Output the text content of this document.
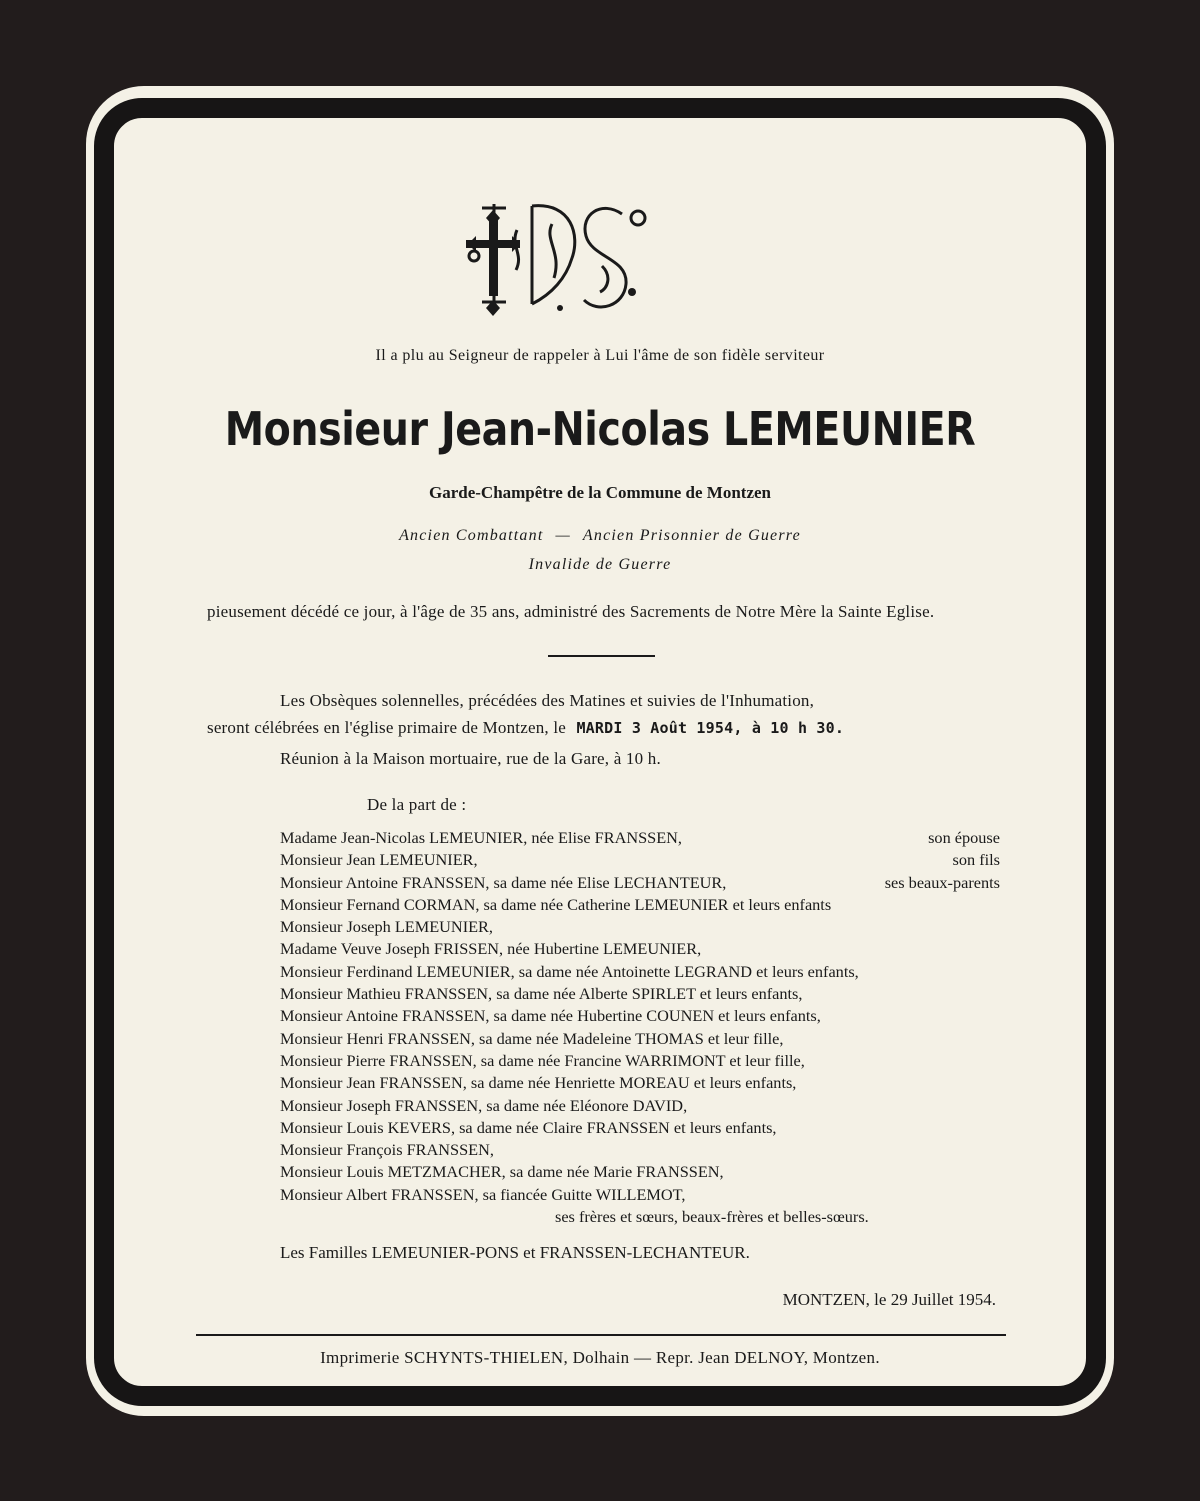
Il a plu au Seigneur de rappeler à Lui l'âme de son fidèle serviteur
Monsieur Jean-Nicolas LEMEUNIER
Garde-Champêtre de la Commune de Montzen
Ancien Combattant — Ancien Prisonnier de Guerre
Invalide de Guerre
pieusement décédé ce jour, à l'âge de 35 ans, administré des Sacrements de Notre Mère la Sainte Eglise.
Les Obsèques solennelles, précédées des Matines et suivies de l'Inhumation,
seront célébrées en l'église primaire de Montzen, le MARDI 3 Août 1954, à 10 h 30.
Réunion à la Maison mortuaire, rue de la Gare, à 10 h.
De la part de :
Madame Jean-Nicolas LEMEUNIER, née Elise FRANSSEN,	son épouse
Monsieur Jean LEMEUNIER,	son fils
Monsieur Antoine FRANSSEN, sa dame née Elise LECHANTEUR,	ses beaux-parents
Monsieur Fernand CORMAN, sa dame née Catherine LEMEUNIER et leurs enfants
Monsieur Joseph LEMEUNIER,
Madame Veuve Joseph FRISSEN, née Hubertine LEMEUNIER,
Monsieur Ferdinand LEMEUNIER, sa dame née Antoinette LEGRAND et leurs enfants,
Monsieur Mathieu FRANSSEN, sa dame née Alberte SPIRLET et leurs enfants,
Monsieur Antoine FRANSSEN, sa dame née Hubertine COUNEN et leurs enfants,
Monsieur Henri FRANSSEN, sa dame née Madeleine THOMAS et leur fille,
Monsieur Pierre FRANSSEN, sa dame née Francine WARRIMONT et leur fille,
Monsieur Jean FRANSSEN, sa dame née Henriette MOREAU et leurs enfants,
Monsieur Joseph FRANSSEN, sa dame née Eléonore DAVID,
Monsieur Louis KEVERS, sa dame née Claire FRANSSEN et leurs enfants,
Monsieur François FRANSSEN,
Monsieur Louis METZMACHER, sa dame née Marie FRANSSEN,
Monsieur Albert FRANSSEN, sa fiancée Guitte WILLEMOT,
ses frères et sœurs, beaux-frères et belles-sœurs.
Les Familles LEMEUNIER-PONS et FRANSSEN-LECHANTEUR.
MONTZEN, le 29 Juillet 1954.
Imprimerie SCHYNTS-THIELEN, Dolhain — Repr. Jean DELNOY, Montzen.
